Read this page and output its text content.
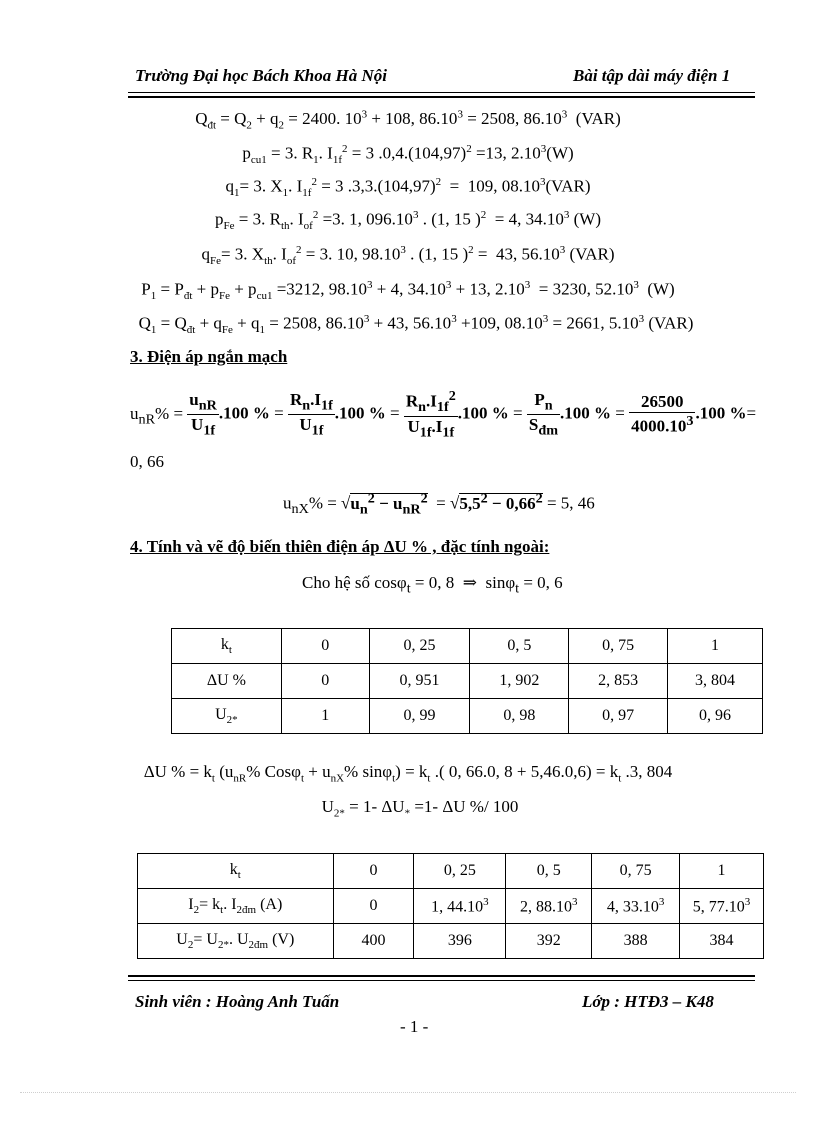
Trường Đại học Bách Khoa Hà Nội	Bài tập dài máy điện 1
$Q_{đt} = Q_2 + q_2 = 2400$. $10^3 + 108$, $86.10^3 = 2508$, 86.10$^3$  (VAR)
$p_{cu1} = 3$. $R_1$. $I_{1f}^2 = 3$ $.0,4.(104,97)^2 =13$, 2.10$^3$(W)
$q_1= 3$. $X_1$. $I_{1f}^2 = 3$ $.3,3.(104,97)^2 = 109$, 08.10$^3$(VAR)
$p_{Fe} = 3$. $R_{th}$. $I_{of}^2 =3$. 1, 096.10$^3$ . (1, 15 )$^2$  = 4, 34.10$^3$ (W)
$q_{Fe}= 3$. $X_{th}$. $I_{of}^2 = 3$. 10, 98.10$^3$ . (1, 15 )$^2$ =  43, 56.10$^3$ (VAR)
$P_1 = P_{đt} + p_{Fe} + p_{cu1} =3212$, $98.10^3 + 4$, $34.10^3 + 13$, 2.10$^3$  = 3230, 52.10$^3$  (W)
$Q_1 = Q_{đt} + q_{Fe} + q_1 = 2508$, $86.10^3 + 43$, $56.10^3 +109$, $08.10^3 = 2661$, 5.10$^3$ (VAR)
3. Điện áp ngắn mạch
$u_{nR}\% = \frac{u_{nR}}{U_{1f}} .100$ % = $\frac{R_n.I_{1f}}{U_{1f}} .100$ % = $\frac{R_n.I_{1f}^2}{U_{1f}.I_{1f}} .100$ % = $\frac{P_n}{S_{đm}} .100$ % = $\frac{26500}{4000.10^3} .100$ %=
0, 66
$u_{nX}\% = √u_n^2 - u_{nR}^2 = √5,5^2 - 0,66^2 = 5$, 46
4. Tính và vẽ độ biến thiên điện áp ΔU % , đặc tính ngoài:
Cho hệ số cosφ$_t$ = 0, 8  ⇒  sinφ$_t$ = 0, 6
$k_t$	0	0, 25	0, 5	0, 75	1
ΔU %	0	0, 951	1, 902	2, 853	3, 804
$U_{2*}$	1	0, 99	0, 98	0, 97	0, 96
ΔU % = $k_t$ ($u_{nR}\%$ $Cos\varphi_t + u_{nX}\%$ $\sin\varphi_t) = k_t$ .( 0, 66.0, $8 + 5,46.0,6) = k_t$ .3, 804
$U_{2*} = 1-$ $\Delta U_* =1-$ ΔU %/ 100
$k_t$	0	0, 25	0, 5	0, 75	1
$I_2= k_t$. $I_{2đm}$ (A)	0	1, 44.10$^3$	2, 88.10$^3$	4, 33.10$^3$	5, 77.10$^3$
$U_2= U_{2*}$. $U_{2đm}$ (V)	400	396	392	388	384
Sinh viên : Hoàng Anh Tuấn	Lớp : HTĐ3 – K48
- 1 -
